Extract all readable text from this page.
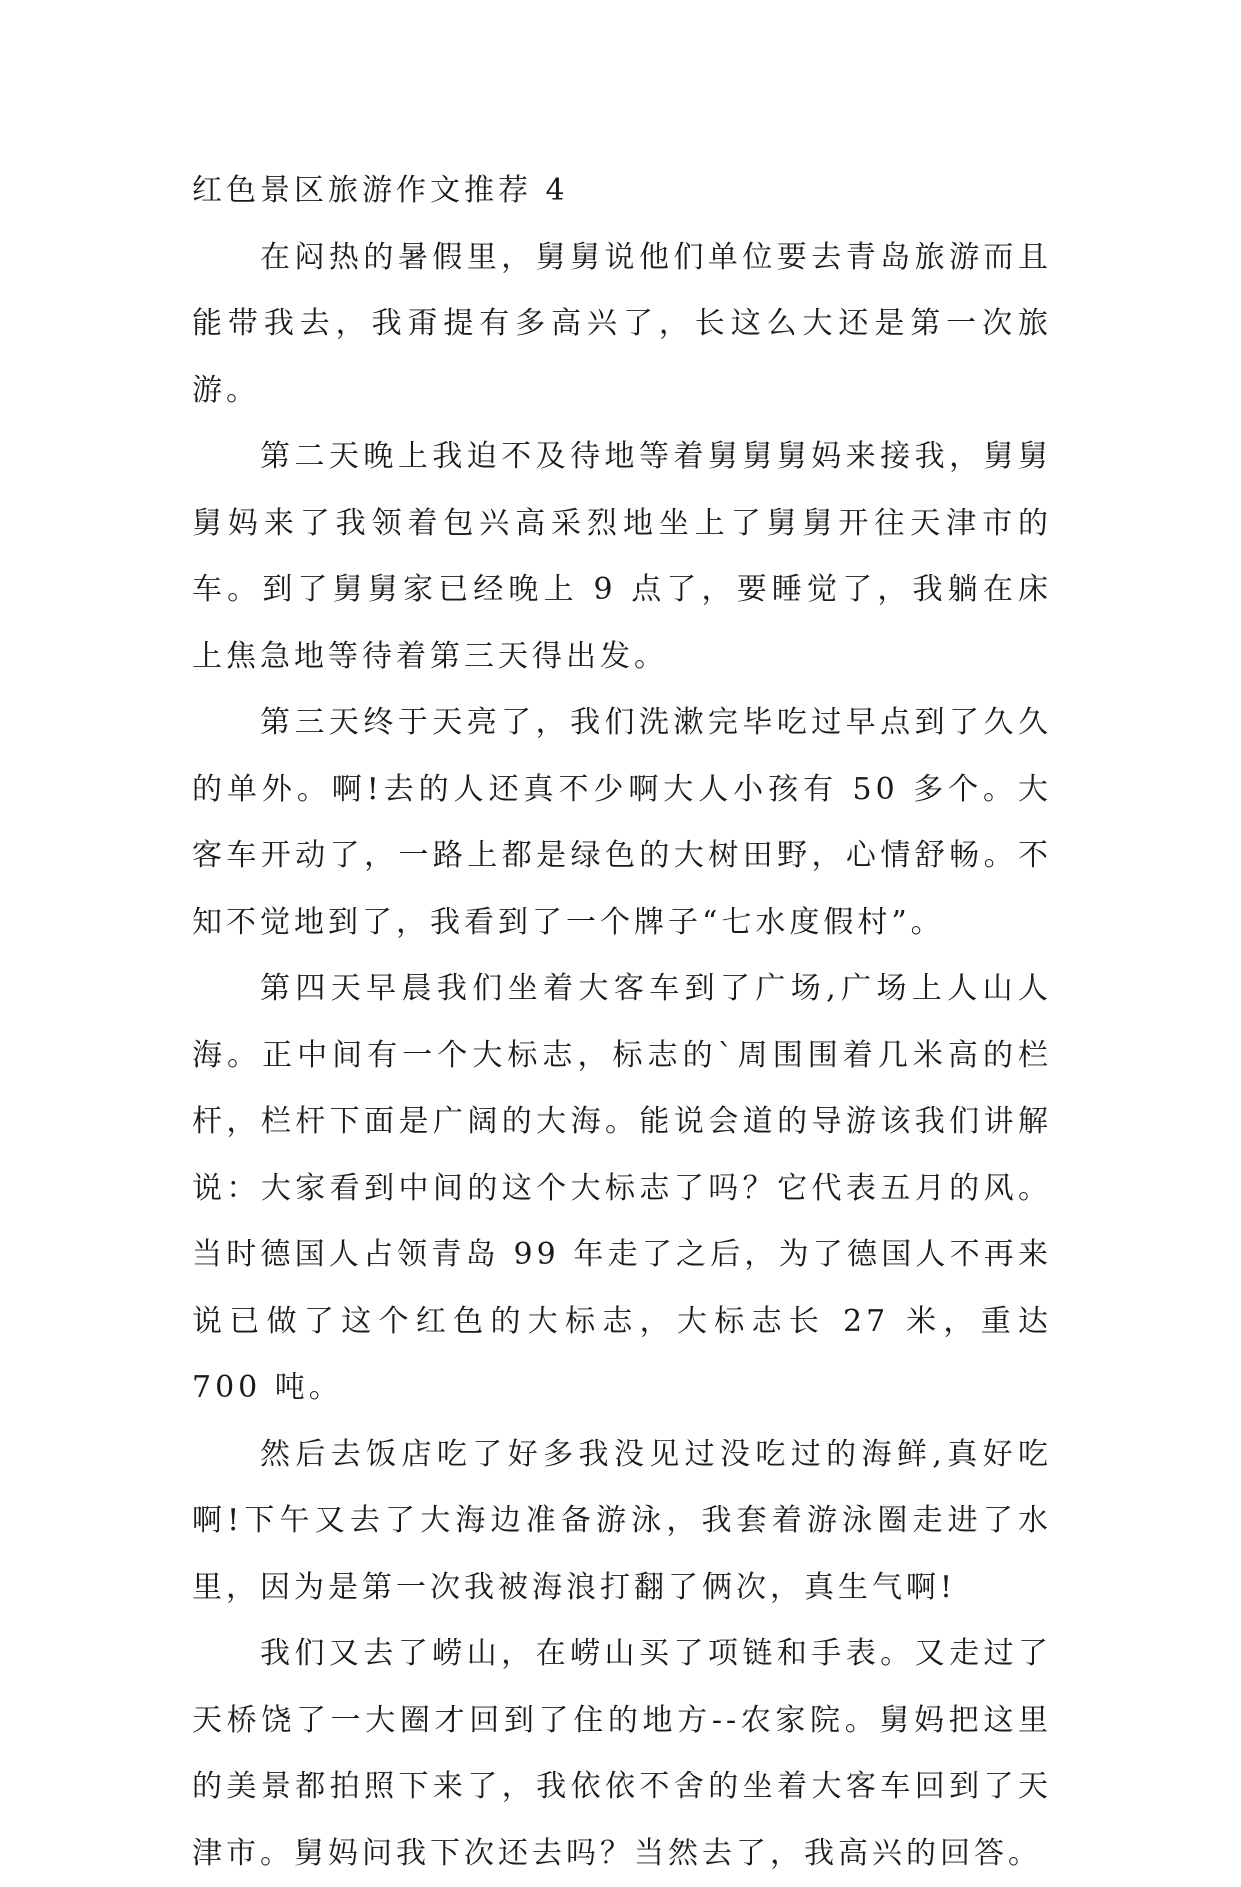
红色景区旅游作文推荐 4

在闷热的暑假里，舅舅说他们单位要去青岛旅游而且能带我去，我甭提有多高兴了，长这么大还是第一次旅游。

第二天晚上我迫不及待地等着舅舅舅妈来接我，舅舅舅妈来了我领着包兴高采烈地坐上了舅舅开往天津市的车。到了舅舅家已经晚上 9 点了，要睡觉了，我躺在床上焦急地等待着第三天得出发。

第三天终于天亮了，我们洗漱完毕吃过早点到了久久的单外。啊!去的人还真不少啊大人小孩有 50 多个。大客车开动了，一路上都是绿色的大树田野，心情舒畅。不知不觉地到了，我看到了一个牌子“七水度假村”。

第四天早晨我们坐着大客车到了广场,广场上人山人海。正中间有一个大标志，标志的`周围围着几米高的栏杆，栏杆下面是广阔的大海。能说会道的导游该我们讲解说：大家看到中间的这个大标志了吗？它代表五月的风。当时德国人占领青岛 99 年走了之后，为了德国人不再来说已做了这个红色的大标志，大标志长 27 米，重达 700 吨。

然后去饭店吃了好多我没见过没吃过的海鲜,真好吃啊!下午又去了大海边准备游泳，我套着游泳圈走进了水里，因为是第一次我被海浪打翻了俩次，真生气啊!

我们又去了崂山，在崂山买了项链和手表。又走过了天桥饶了一大圈才回到了住的地方--农家院。舅妈把这里的美景都拍照下来了，我依依不舍的坐着大客车回到了天津市。舅妈问我下次还去吗？当然去了，我高兴的回答。
